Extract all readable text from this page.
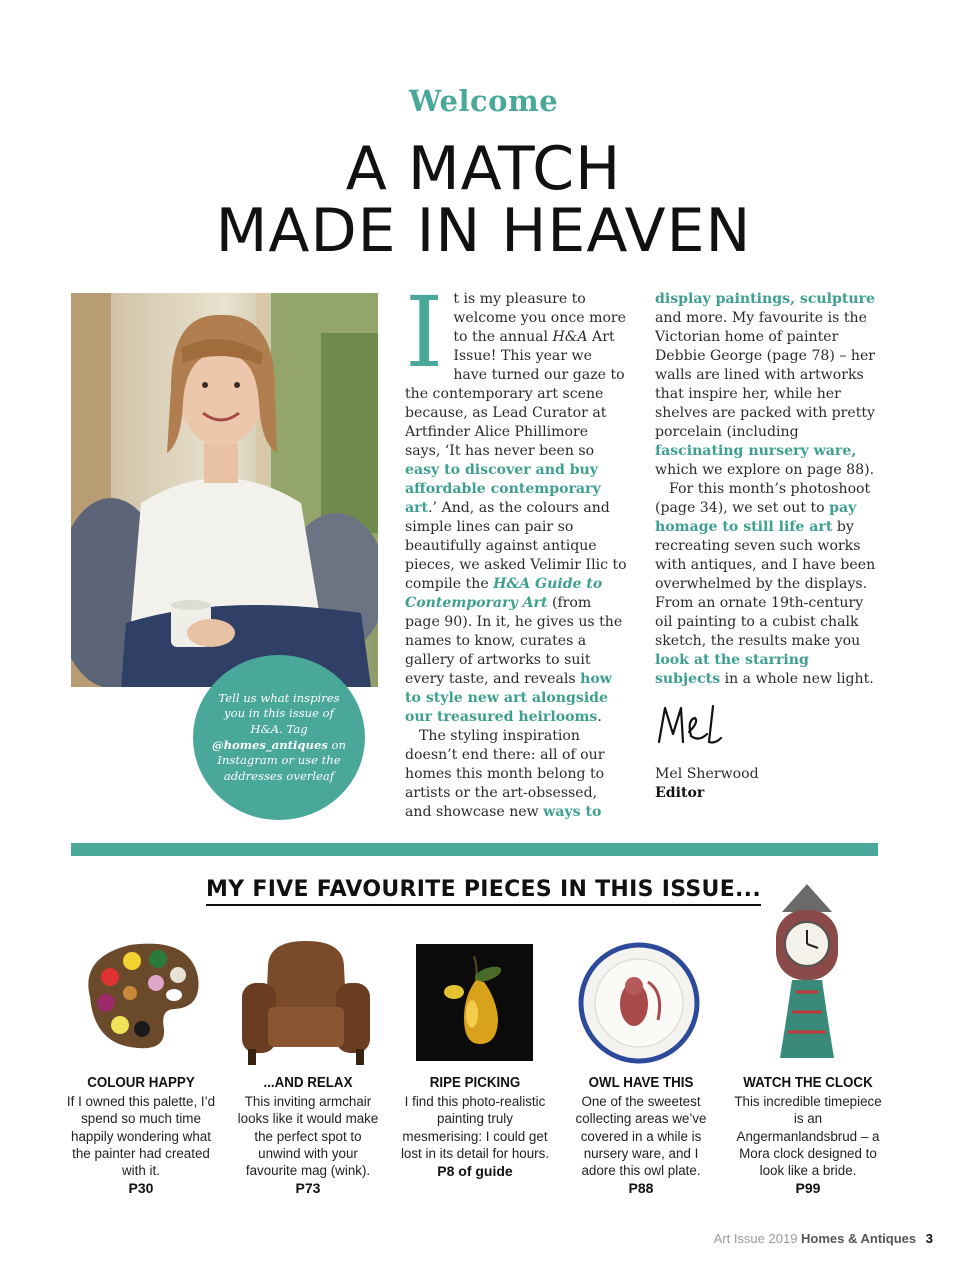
Welcome
A MATCH
MADE IN HEAVEN

Tell us what inspires you in this issue of H&A. Tag @homes_antiques on Instagram or use the addresses overleaf

It is my pleasure to welcome you once more to the annual H&A Art Issue! This year we have turned our gaze to the contemporary art scene because, as Lead Curator at Artfinder Alice Phillimore says, ‘It has never been so easy to discover and buy affordable contemporary art.’ And, as the colours and simple lines can pair so beautifully against antique pieces, we asked Velimir Ilic to compile the H&A Guide to Contemporary Art (from page 90). In it, he gives us the names to know, curates a gallery of artworks to suit every taste, and reveals how to style new art alongside our treasured heirlooms.

The styling inspiration doesn’t end there: all of our homes this month belong to artists or the art-obsessed, and showcase new ways to

display paintings, sculpture and more. My favourite is the Victorian home of painter Debbie George (page 78) – her walls are lined with artworks that inspire her, while her shelves are packed with pretty porcelain (including fascinating nursery ware, which we explore on page 88).

For this month’s photoshoot (page 34), we set out to pay homage to still life art by recreating seven such works with antiques, and I have been overwhelmed by the displays. From an ornate 19th-century oil painting to a cubist chalk sketch, the results make you look at the starring subjects in a whole new light.

Mel Sherwood
Editor
MY FIVE FAVOURITE PIECES IN THIS ISSUE...
COLOUR HAPPY
If I owned this palette, I’d spend so much time happily wondering what the painter had created with it.
P30
...AND RELAX
This inviting armchair looks like it would make the perfect spot to unwind with your favourite mag (wink).
P73
RIPE PICKING
I find this photo-realistic painting truly mesmerising: I could get lost in its detail for hours.
P8 of guide
OWL HAVE THIS
One of the sweetest collecting areas we’ve covered in a while is nursery ware, and I adore this owl plate.
P88
WATCH THE CLOCK
This incredible timepiece is an Angermanlandsbrud – a Mora clock designed to look like a bride.
P99
Art Issue 2019 Homes & Antiques 3
